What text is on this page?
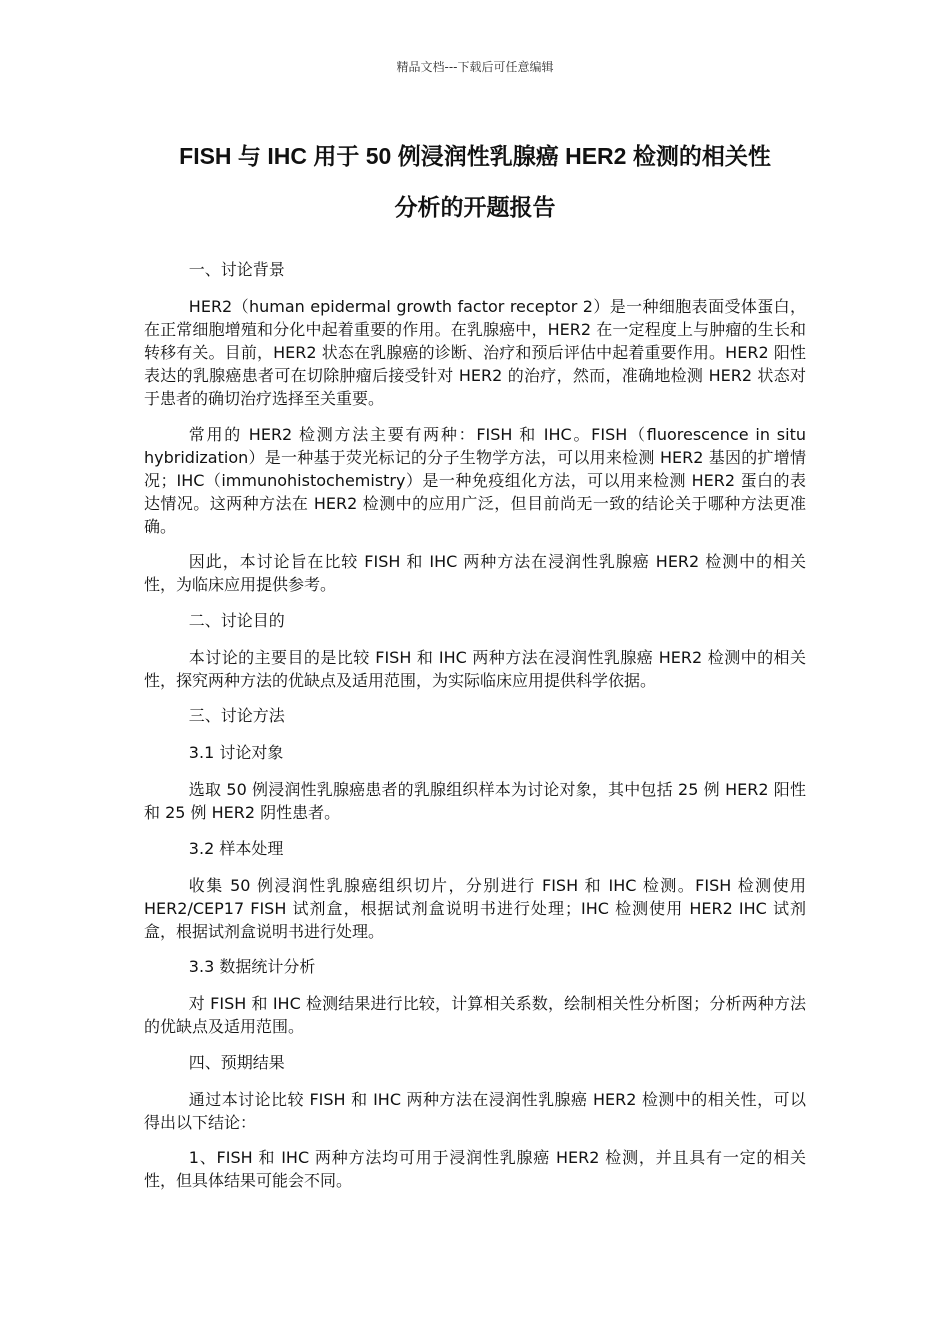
精品文档---下载后可任意编辑
FISH 与 IHC 用于 50 例浸润性乳腺癌 HER2 检测的相关性
分析的开题报告

一、讨论背景

HER2（human epidermal growth factor receptor 2）是一种细胞表面受体蛋白，在正常细胞增殖和分化中起着重要的作用。在乳腺癌中，HER2 在一定程度上与肿瘤的生长和转移有关。目前，HER2 状态在乳腺癌的诊断、治疗和预后评估中起着重要作用。HER2 阳性表达的乳腺癌患者可在切除肿瘤后接受针对 HER2 的治疗，然而，准确地检测 HER2 状态对于患者的确切治疗选择至关重要。

常用的 HER2 检测方法主要有两种：FISH 和 IHC。FISH（fluorescence in situ hybridization）是一种基于荧光标记的分子生物学方法，可以用来检测 HER2 基因的扩增情况；IHC（immunohistochemistry）是一种免疫组化方法，可以用来检测 HER2 蛋白的表达情况。这两种方法在 HER2 检测中的应用广泛，但目前尚无一致的结论关于哪种方法更准确。

因此，本讨论旨在比较 FISH 和 IHC 两种方法在浸润性乳腺癌 HER2 检测中的相关性，为临床应用提供参考。

二、讨论目的

本讨论的主要目的是比较 FISH 和 IHC 两种方法在浸润性乳腺癌 HER2 检测中的相关性，探究两种方法的优缺点及适用范围，为实际临床应用提供科学依据。

三、讨论方法

3.1 讨论对象

选取 50 例浸润性乳腺癌患者的乳腺组织样本为讨论对象，其中包括 25 例 HER2 阳性和 25 例 HER2 阴性患者。

3.2 样本处理

收集 50 例浸润性乳腺癌组织切片，分别进行 FISH 和 IHC 检测。FISH 检测使用 HER2/CEP17 FISH 试剂盒，根据试剂盒说明书进行处理；IHC 检测使用 HER2 IHC 试剂盒，根据试剂盒说明书进行处理。

3.3 数据统计分析

对 FISH 和 IHC 检测结果进行比较，计算相关系数，绘制相关性分析图；分析两种方法的优缺点及适用范围。

四、预期结果

通过本讨论比较 FISH 和 IHC 两种方法在浸润性乳腺癌 HER2 检测中的相关性，可以得出以下结论：

1、FISH 和 IHC 两种方法均可用于浸润性乳腺癌 HER2 检测，并且具有一定的相关性，但具体结果可能会不同。
